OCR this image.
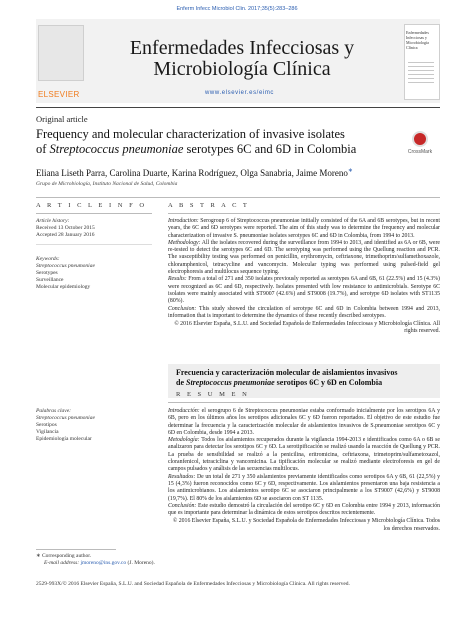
Enferm Infecc Microbiol Clin. 2017;35(5):283–286
ELSEVIER
Enfermedades Infecciosas y
Microbiología Clínica
www.elsevier.es/eimc
Enfermedades Infecciosas y Microbiología Clínica
Original article
Frequency and molecular characterization of invasive isolates
of Streptococcus pneumoniae serotypes 6C and 6D in Colombia	CrossMark
Eliana Liseth Parra, Carolina Duarte, Karina Rodríguez, Olga Sanabria, Jaime Moreno∗
Grupo de Microbiología, Instituto Nacional de Salud, Colombia
A R T I C L E I N F O	A B S T R A C T
Article history:
Received 13 October 2015
Accepted 28 January 2016
Keywords:
Streptococcus pneumoniae
Serotypes
Surveillance
Molecular epidemiology
Introduction: Serogroup 6 of Streptococcus pneumoniae initially consisted of the 6A and 6B serotypes, but in recent years, the 6C and 6D serotypes were reported. The aim of this study was to determine the frequency and molecular characterization of invasive S. pneumoniae isolates serotypes 6C and 6D in Colombia, from 1994 to 2013.
Methodology: All the isolates recovered during the surveillance from 1994 to 2013, and identified as 6A or 6B, were re-tested to detect the serotypes 6C and 6D. The serotyping was performed using the Quellung reaction and PCR. The susceptibility testing was performed on penicillin, erythromycin, ceftriaxone, trimethoprim/sulfamethoxazole, chloramphenicol, tetracycline and vancomycin. Molecular typing was performed using pulsed-field gel electrophoresis and multilocus sequence typing.
Results: From a total of 271 and 350 isolates previously reported as serotypes 6A and 6B, 61 (22.5%) and 15 (4.3%) were recognized as 6C and 6D, respectively. Isolates presented with low resistance to antimicrobials. Serotype 6C isolates were mainly associated with ST9007 (42.6%) and ST9008 (19.7%), and serotype 6D isolates with ST1135 (80%).
Conclusion: This study showed the circulation of serotype 6C and 6D in Colombia between 1994 and 2013, information that is important to determine the dynamics of these recently described serotypes.
© 2016 Elsevier España, S.L.U. and Sociedad Española de Enfermedades Infecciosas y Microbiología Clínica. All rights reserved.
Frecuencia y caracterización molecular de aislamientos invasivos
de Streptococcus pneumoniae serotipos 6C y 6D en Colombia
R E S U M E N
Palabras clave:
Streptococcus pneumoniae
Serotipos
Vigilancia
Epidemiología molecular
Introducción: el serogrupo 6 de Streptococcus pneumoniae estaba conformado inicialmente por los serotipos 6A y 6B, pero en los últimos años los serotipos adicionales 6C y 6D fueron reportados. El objetivo de este estudio fue determinar la frecuencia y la caracterización molecular de aislamientos invasivos de S.pneumoniae serotipos 6C y 6D en Colombia, desde 1994 a 2013.
Metodología: Todos los aislamientos recuperados durante la vigilancia 1994-2013 e identificados como 6A o 6B se analizaron para detectar los serotipos 6C y 6D. La serotipificación se realizó usando la reacción de Quellung y PCR. La prueba de sensibilidad se realizó a la penicilina, eritromicina, ceftriaxona, trimetoprim/sulfametoxazol, cloranfenicol, tetraciclina y vancomicina. La tipificación molecular se realizó mediante electroforesis en gel de campos pulsados y análisis de las secuencias multilocus.
Resultados: De un total de 271 y 350 aislamientos previamente identificados como serotipos 6A y 6B, 61 (22,5%) y 15 (4,3%) fueron reconocidos como 6C y 6D, respectivamente. Los aislamientos presentaron una baja resistencia a los antimicrobianos. Los aislamientos serotipo 6C se asociaron principalmente a los ST9007 (42,6%) y ST9008 (19,7%). El 80% de los aislamientos 6D se asociaron con ST 1135.
Conclusión: Este estudio demostró la circulación del serotipo 6C y 6D en Colombia entre 1994 y 2013, información que es importante para determinar la dinámica de estos serotipos descritos recientemente.
© 2016 Elsevier España, S.L.U. y Sociedad Española de Enfermedades Infecciosas y Microbiología Clínica. Todos los derechos reservados.
∗ Corresponding author.
E-mail address: jmoreno@ins.gov.co (J. Moreno).
2529-993X/© 2016 Elsevier España, S.L.U. and Sociedad Española de Enfermedades Infecciosas y Microbiología Clínica. All rights reserved.
